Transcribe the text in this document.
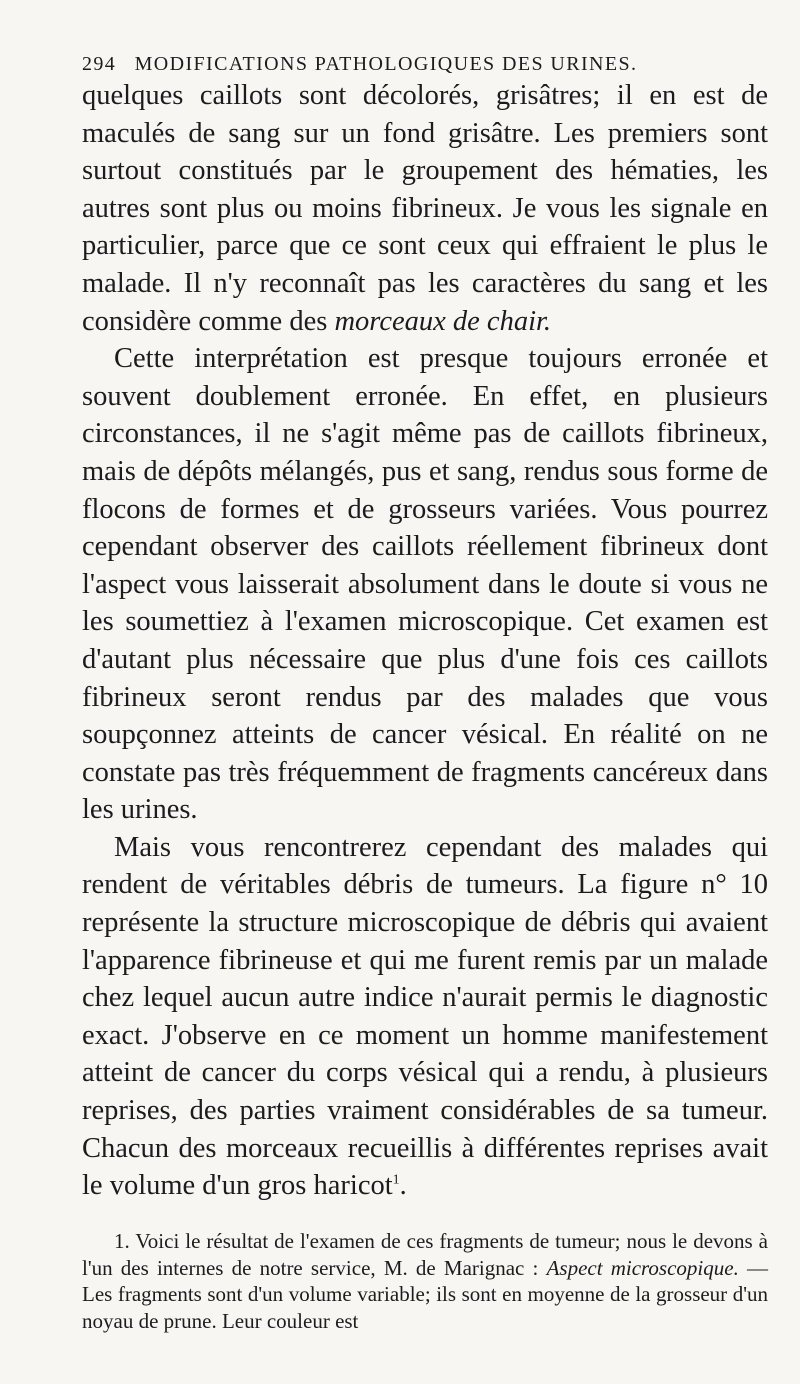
294 MODIFICATIONS PATHOLOGIQUES DES URINES.

quelques caillots sont décolorés, grisâtres; il en est de maculés de sang sur un fond grisâtre. Les premiers sont surtout constitués par le groupement des hématies, les autres sont plus ou moins fibrineux. Je vous les signale en particulier, parce que ce sont ceux qui effraient le plus le malade. Il n'y reconnaît pas les caractères du sang et les considère comme des morceaux de chair.

Cette interprétation est presque toujours erronée et souvent doublement erronée. En effet, en plusieurs circonstances, il ne s'agit même pas de caillots fibrineux, mais de dépôts mélangés, pus et sang, rendus sous forme de flocons de formes et de grosseurs variées. Vous pourrez cependant observer des caillots réellement fibrineux dont l'aspect vous laisserait absolument dans le doute si vous ne les soumettiez à l'examen microscopique. Cet examen est d'autant plus nécessaire que plus d'une fois ces caillots fibrineux seront rendus par des malades que vous soupçonnez atteints de cancer vésical. En réalité on ne constate pas très fréquemment de fragments cancéreux dans les urines.

Mais vous rencontrerez cependant des malades qui rendent de véritables débris de tumeurs. La figure n° 10 représente la structure microscopique de débris qui avaient l'apparence fibrineuse et qui me furent remis par un malade chez lequel aucun autre indice n'aurait permis le diagnostic exact. J'observe en ce moment un homme manifestement atteint de cancer du corps vésical qui a rendu, à plusieurs reprises, des parties vraiment considérables de sa tumeur. Chacun des morceaux recueillis à différentes reprises avait le volume d'un gros haricot$^1$.

1. Voici le résultat de l'examen de ces fragments de tumeur; nous le devons à l'un des internes de notre service, M. de Marignac : Aspect microscopique. — Les fragments sont d'un volume variable; ils sont en moyenne de la grosseur d'un noyau de prune. Leur couleur est
